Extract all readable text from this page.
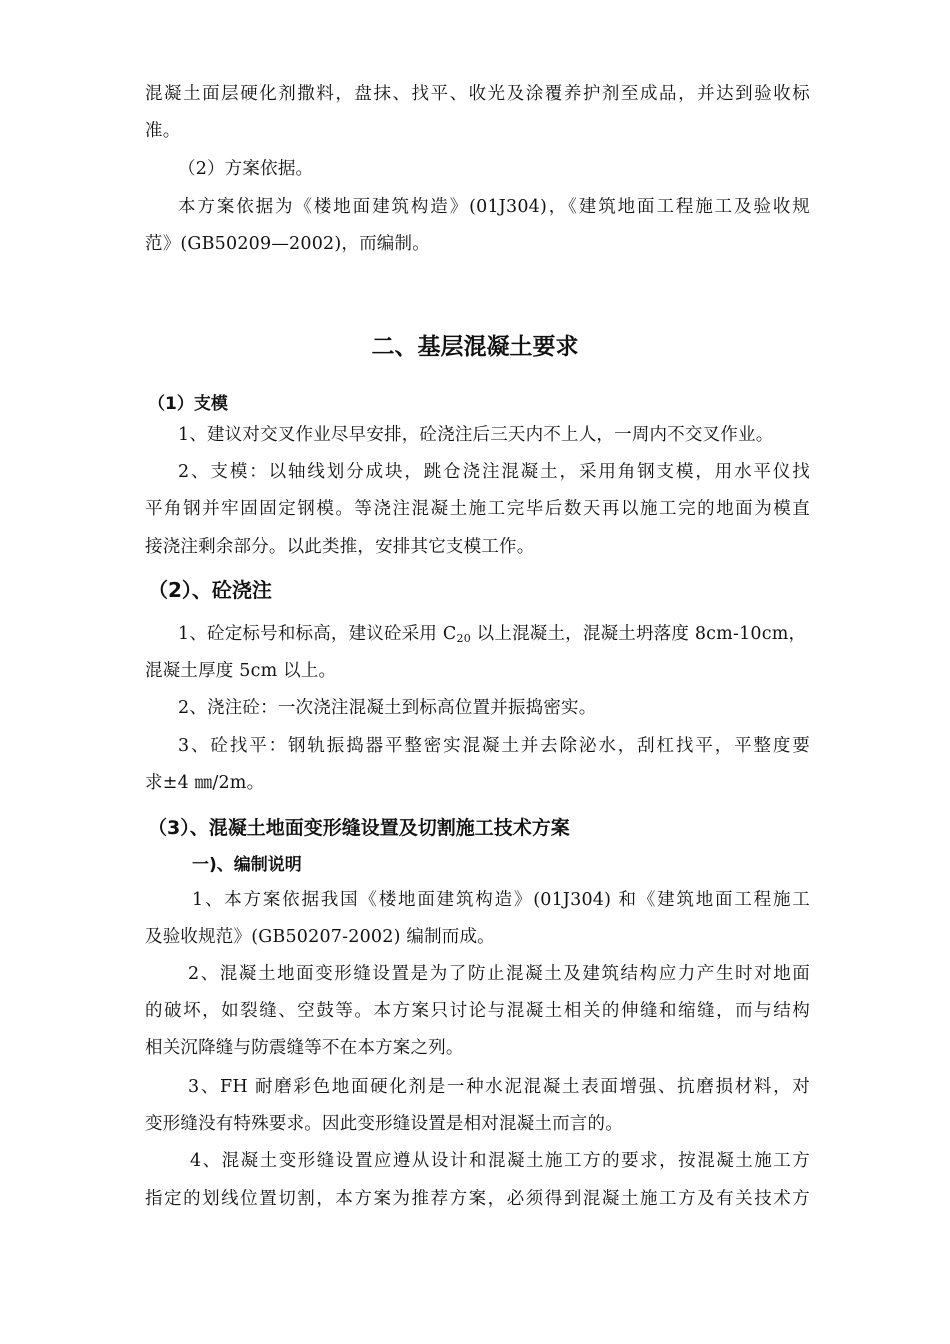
混凝土面层硬化剂撒料，盘抹、找平、收光及涂覆养护剂至成品，并达到验收标
准。
（2）方案依据。
本方案依据为《楼地面建筑构造》(01J304)，《建筑地面工程施工及验收规
范》(GB50209—2002)，而编制。
二、基层混凝土要求
（1）支模
1、建议对交叉作业尽早安排，砼浇注后三天内不上人，一周内不交叉作业。
2、支模：以轴线划分成块，跳仓浇注混凝土，采用角钢支模，用水平仪找
平角钢并牢固固定钢模。等浇注混凝土施工完毕后数天再以施工完的地面为模直
接浇注剩余部分。以此类推，安排其它支模工作。
（2）、砼浇注
1、砼定标号和标高，建议砼采用 $C_{20}$ 以上混凝土，混凝土坍落度 8cm-10cm，
混凝土厚度 5cm 以上。
2、浇注砼：一次浇注混凝土到标高位置并振捣密实。
3、砼找平：钢轨振捣器平整密实混凝土并去除泌水，刮杠找平，平整度要
求±4 ㎜/2m。
（3）、混凝土地面变形缝设置及切割施工技术方案
一)、编制说明
1、本方案依据我国《楼地面建筑构造》(01J304) 和《建筑地面工程施工
及验收规范》(GB50207-2002) 编制而成。
2、混凝土地面变形缝设置是为了防止混凝土及建筑结构应力产生时对地面
的破坏，如裂缝、空鼓等。本方案只讨论与混凝土相关的伸缝和缩缝，而与结构
相关沉降缝与防震缝等不在本方案之列。
3、FH 耐磨彩色地面硬化剂是一种水泥混凝土表面增强、抗磨损材料，对
变形缝没有特殊要求。因此变形缝设置是相对混凝土而言的。
4、混凝土变形缝设置应遵从设计和混凝土施工方的要求，按混凝土施工方
指定的划线位置切割，本方案为推荐方案，必须得到混凝土施工方及有关技术方
